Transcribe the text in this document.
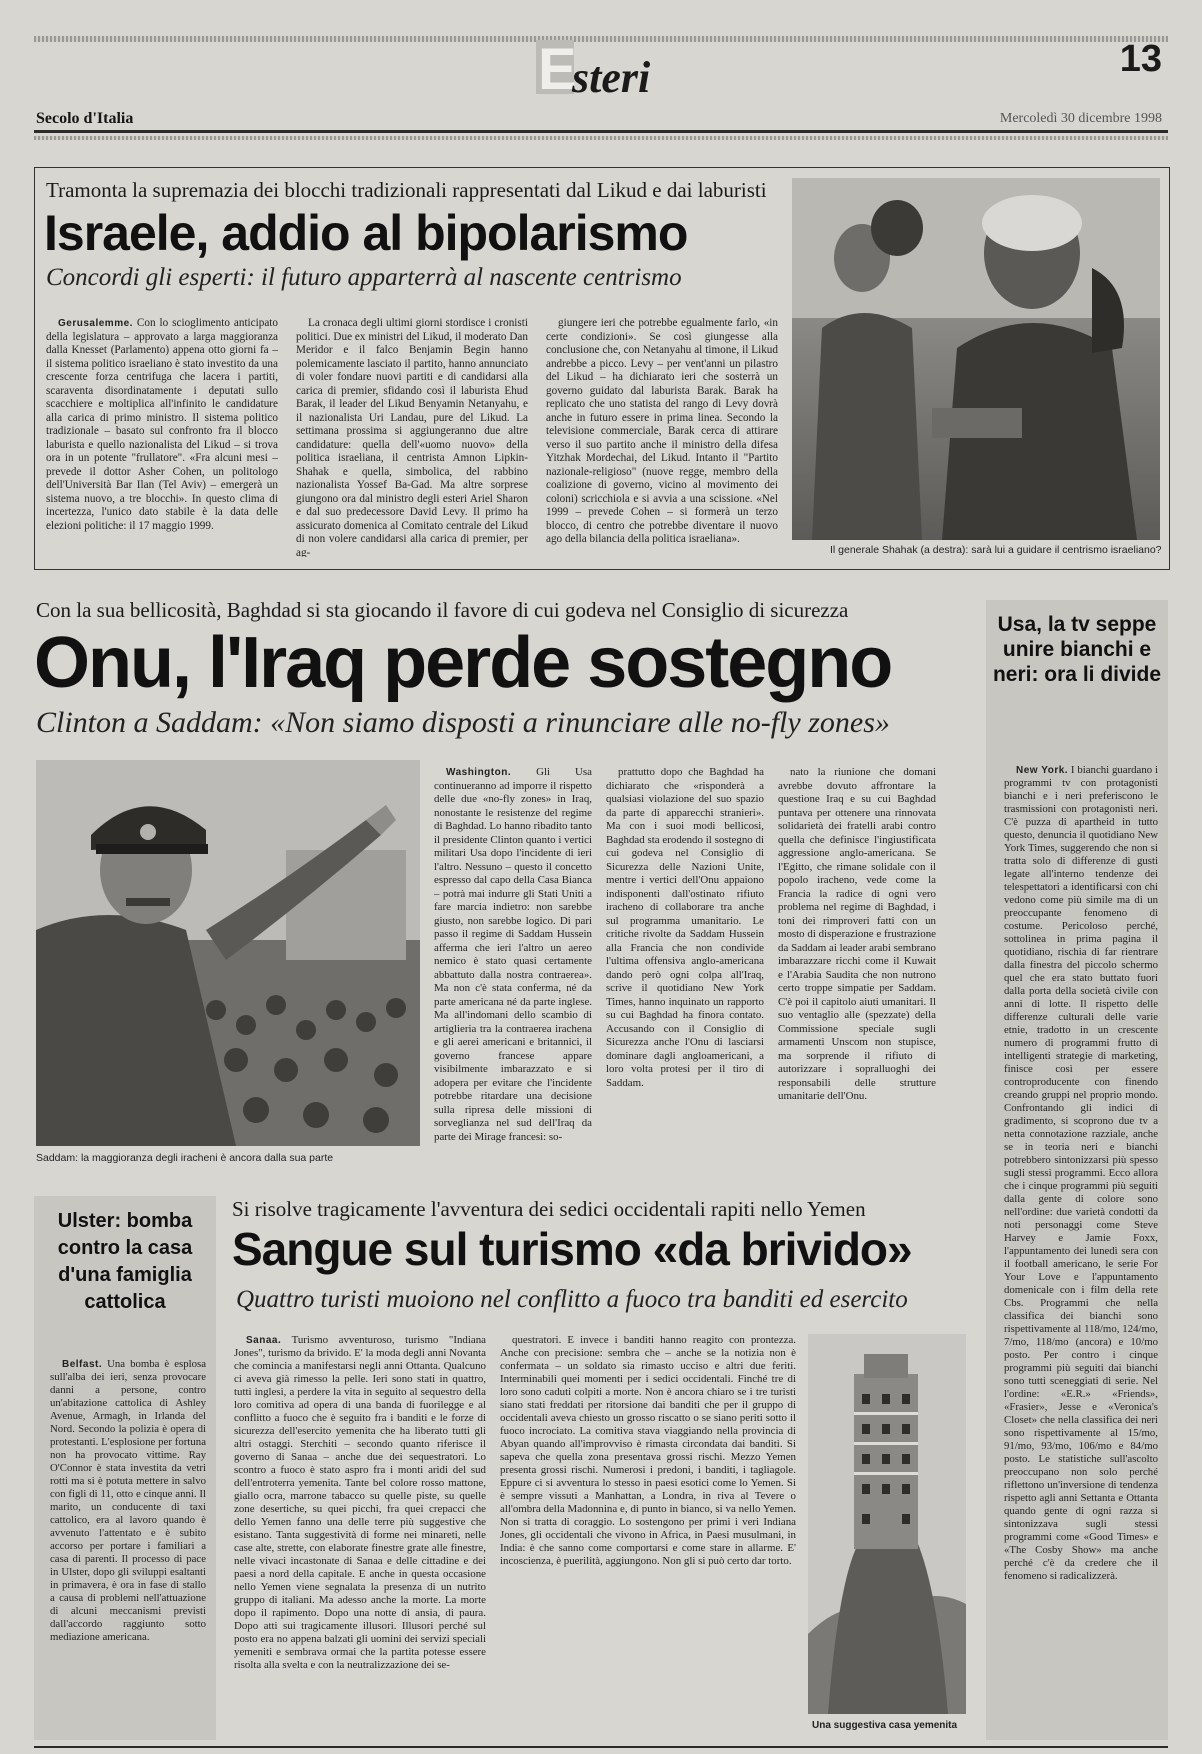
E
steri	13
Secolo d'Italia	Mercoledì 30 dicembre 1998
Tramonta la supremazia dei blocchi tradizionali rappresentati dal Likud e dai laburisti
Israele, addio al bipolarismo
Concordi gli esperti: il futuro apparterrà al nascente centrismo

Gerusalemme. Con lo scioglimento anticipato della legislatura – approvato a larga maggioranza dalla Knesset (Parlamento) appena otto giorni fa – il sistema politico israeliano è stato investito da una crescente forza centrifuga che lacera i partiti, scaraventa disordinatamente i deputati sullo scacchiere e moltiplica all'infinito le candidature alla carica di primo ministro. Il sistema politico tradizionale – basato sul confronto fra il blocco laburista e quello nazionalista del Likud – si trova ora in un potente "frullatore". «Fra alcuni mesi – prevede il dottor Asher Cohen, un politologo dell'Università Bar Ilan (Tel Aviv) – emergerà un sistema nuovo, a tre blocchi». In questo clima di incertezza, l'unico dato stabile è la data delle elezioni politiche: il 17 maggio 1999.

La cronaca degli ultimi giorni stordisce i cronisti politici. Due ex ministri del Likud, il moderato Dan Meridor e il falco Benjamin Begin hanno polemicamente lasciato il partito, hanno annunciato di voler fondare nuovi partiti e di candidarsi alla carica di premier, sfidando così il laburista Ehud Barak, il leader del Likud Benyamin Netanyahu, e il nazionalista Uri Landau, pure del Likud. La settimana prossima si aggiungeranno due altre candidature: quella dell'«uomo nuovo» della politica israeliana, il centrista Amnon Lipkin-Shahak e quella, simbolica, del rabbino nazionalista Yossef Ba-Gad. Ma altre sorprese giungono ora dal ministro degli esteri Ariel Sharon e dal suo predecessore David Levy. Il primo ha assicurato domenica al Comitato centrale del Likud di non volere candidarsi alla carica di premier, per ag-

giungere ieri che potrebbe egualmente farlo, «in certe condizioni». Se così giungesse alla conclusione che, con Netanyahu al timone, il Likud andrebbe a picco. Levy – per vent'anni un pilastro del Likud – ha dichiarato ieri che sosterrà un governo guidato dal laburista Barak. Barak ha replicato che uno statista del rango di Levy dovrà anche in futuro essere in prima linea. Secondo la televisione commerciale, Barak cerca di attirare verso il suo partito anche il ministro della difesa Yitzhak Mordechai, del Likud. Intanto il "Partito nazionale-religioso" (nuove regge, membro della coalizione di governo, vicino al movimento dei coloni) scricchiola e si avvia a una scissione. «Nel 1999 – prevede Cohen – si formerà un terzo blocco, di centro che potrebbe diventare il nuovo ago della bilancia della politica israeliana».

Il generale Shahak (a destra): sarà lui a guidare il centrismo israeliano?
Con la sua bellicosità, Baghdad si sta giocando il favore di cui godeva nel Consiglio di sicurezza
Onu, l'Iraq perde sostegno
Clinton a Saddam: «Non siamo disposti a rinunciare alle no-fly zones»
Saddam: la maggioranza degli iracheni è ancora dalla sua parte

Washington. Gli Usa continueranno ad imporre il rispetto delle due «no-fly zones» in Iraq, nonostante le resistenze del regime di Baghdad. Lo hanno ribadito tanto il presidente Clinton quanto i vertici militari Usa dopo l'incidente di ieri l'altro. Nessuno – questo il concetto espresso dal capo della Casa Bianca – potrà mai indurre gli Stati Uniti a fare marcia indietro: non sarebbe giusto, non sarebbe logico. Di pari passo il regime di Saddam Hussein afferma che ieri l'altro un aereo nemico è stato quasi certamente abbattuto dalla nostra contraerea». Ma non c'è stata conferma, né da parte americana né da parte inglese. Ma all'indomani dello scambio di artiglieria tra la contraerea irachena e gli aerei americani e britannici, il governo francese appare visibilmente imbarazzato e si adopera per evitare che l'incidente potrebbe ritardare una decisione sulla ripresa delle missioni di sorveglianza nel sud dell'Iraq da parte dei Mirage francesi: so-

prattutto dopo che Baghdad ha dichiarato che «risponderà a qualsiasi violazione del suo spazio da parte di apparecchi stranieri». Ma con i suoi modi bellicosi, Baghdad sta erodendo il sostegno di cui godeva nel Consiglio di Sicurezza delle Nazioni Unite, mentre i vertici dell'Onu appaiono indisponenti dall'ostinato rifiuto iracheno di collaborare tra anche sul programma umanitario. Le critiche rivolte da Saddam Hussein alla Francia che non condivide l'ultima offensiva anglo-americana dando però ogni colpa all'Iraq, scrive il quotidiano New York Times, hanno inquinato un rapporto su cui Baghdad ha finora contato. Accusando con il Consiglio di Sicurezza anche l'Onu di lasciarsi dominare dagli angloamericani, a loro volta protesi per il tiro di Saddam.

nato la riunione che domani avrebbe dovuto affrontare la questione Iraq e su cui Baghdad puntava per ottenere una rinnovata solidarietà dei fratelli arabi contro quella che definisce l'ingiustificata aggressione anglo-americana. Se l'Egitto, che rimane solidale con il popolo iracheno, vede come la Francia la radice di ogni vero problema nel regime di Baghdad, i toni dei rimproveri fatti con un mosto di disperazione e frustrazione da Saddam ai leader arabi sembrano imbarazzare ricchi come il Kuwait e l'Arabia Saudita che non nutrono certo troppe simpatie per Saddam. C'è poi il capitolo aiuti umanitari. Il suo ventaglio alle (spezzate) della Commissione speciale sugli armamenti Unscom non stupisce, ma sorprende il rifiuto di autorizzare i sopralluoghi dei responsabili delle strutture umanitarie dell'Onu.

Usa, la tv seppe unire bianchi e neri: ora li divide

New York. I bianchi guardano i programmi tv con protagonisti bianchi e i neri preferiscono le trasmissioni con protagonisti neri. C'è puzza di apartheid in tutto questo, denuncia il quotidiano New York Times, suggerendo che non si tratta solo di differenze di gusti legate all'interno tendenze dei telespettatori a identificarsi con chi vedono come più simile ma di un preoccupante fenomeno di costume. Pericoloso perché, sottolinea in prima pagina il quotidiano, rischia di far rientrare dalla finestra del piccolo schermo quel che era stato buttato fuori dalla porta della società civile con anni di lotte. Il rispetto delle differenze culturali delle varie etnie, tradotto in un crescente numero di programmi frutto di intelligenti strategie di marketing, finisce così per essere controproducente con finendo creando gruppi nel proprio mondo. Confrontando gli indici di gradimento, si scoprono due tv a netta connotazione razziale, anche se in teoria neri e bianchi potrebbero sintonizzarsi più spesso sugli stessi programmi. Ecco allora che i cinque programmi più seguiti dalla gente di colore sono nell'ordine: due varietà condotti da noti personaggi come Steve Harvey e Jamie Foxx, l'appuntamento dei lunedì sera con il football americano, le serie For Your Love e l'appuntamento domenicale con i film della rete Cbs. Programmi che nella classifica dei bianchi sono rispettivamente al 118/mo, 124/mo, 7/mo, 118/mo (ancora) e 10/mo posto. Per contro i cinque programmi più seguiti dai bianchi sono tutti sceneggiati di serie. Nel l'ordine: «E.R.» «Friends», «Frasier», Jesse e «Veronica's Closet» che nella classifica dei neri sono rispettivamente al 15/mo, 91/mo, 93/mo, 106/mo e 84/mo posto. Le statistiche sull'ascolto preoccupano non solo perché riflettono un'inversione di tendenza rispetto agli anni Settanta e Ottanta quando gente di ogni razza si sintonizzava sugli stessi programmi come «Good Times» e «The Cosby Show» ma anche perché c'è da credere che il fenomeno si radicalizzerà.

Ulster: bomba contro la casa d'una famiglia cattolica

Belfast. Una bomba è esplosa sull'alba dei ieri, senza provocare danni a persone, contro un'abitazione cattolica di Ashley Avenue, Armagh, in Irlanda del Nord. Secondo la polizia è opera di protestanti. L'esplosione per fortuna non ha provocato vittime. Ray O'Connor è stata investita da vetri rotti ma si è potuta mettere in salvo con figli di 11, otto e cinque anni. Il marito, un conducente di taxi cattolico, era al lavoro quando è avvenuto l'attentato e è subito accorso per portare i familiari a casa di parenti. Il processo di pace in Ulster, dopo gli sviluppi esaltanti in primavera, è ora in fase di stallo a causa di problemi nell'attuazione di alcuni meccanismi previsti dall'accordo raggiunto sotto mediazione americana.

Si risolve tragicamente l'avventura dei sedici occidentali rapiti nello Yemen
Sangue sul turismo «da brivido»
Quattro turisti muoiono nel conflitto a fuoco tra banditi ed esercito

Sanaa. Turismo avventuroso, turismo "Indiana Jones", turismo da brivido. E' la moda degli anni Novanta che comincia a manifestarsi negli anni Ottanta. Qualcuno ci aveva già rimesso la pelle. Ieri sono stati in quattro, tutti inglesi, a perdere la vita in seguito al sequestro della loro comitiva ad opera di una banda di fuorilegge e al conflitto a fuoco che è seguito fra i banditi e le forze di sicurezza dell'esercito yemenita che ha liberato tutti gli altri ostaggi. Sterchiti – secondo quanto riferisce il governo di Sanaa – anche due dei sequestratori. Lo scontro a fuoco è stato aspro fra i monti aridi del sud dell'entroterra yemenita. Tante bel colore rosso mattone, giallo ocra, marrone tabacco su quelle piste, su quelle zone desertiche, su quei picchi, fra quei crepacci che dello Yemen fanno una delle terre più suggestive che esistano. Tanta suggestività di forme nei minareti, nelle case alte, strette, con elaborate finestre grate alle finestre, nelle vivaci incastonate di Sanaa e delle cittadine e dei paesi a nord della capitale. E anche in questa occasione nello Yemen viene segnalata la presenza di un nutrito gruppo di italiani. Ma adesso anche la morte. La morte dopo il rapimento. Dopo una notte di ansia, di paura. Dopo atti sui tragicamente illusori. Illusori perché sul posto era no appena balzati gli uomini dei servizi speciali yemeniti e sembrava ormai che la partita potesse essere risolta alla svelta e con la neutralizzazione dei se-

questratori. E invece i banditi hanno reagito con prontezza. Anche con precisione: sembra che – anche se la notizia non è confermata – un soldato sia rimasto ucciso e altri due feriti. Interminabili quei momenti per i sedici occidentali. Finché tre di loro sono caduti colpiti a morte. Non è ancora chiaro se i tre turisti siano stati freddati per ritorsione dai banditi che per il gruppo di occidentali aveva chiesto un grosso riscatto o se siano periti sotto il fuoco incrociato. La comitiva stava viaggiando nella provincia di Abyan quando all'improvviso è rimasta circondata dai banditi. Si sapeva che quella zona presentava grossi rischi. Mezzo Yemen presenta grossi rischi. Numerosi i predoni, i banditi, i tagliagole. Eppure ci si avventura lo stesso in paesi esotici come lo Yemen. Si è sempre vissuti a Manhattan, a Londra, in riva al Tevere o all'ombra della Madonnina e, di punto in bianco, si va nello Yemen. Non si tratta di coraggio. Lo sostengono per primi i veri Indiana Jones, gli occidentali che vivono in Africa, in Paesi musulmani, in India: è che sanno come comportarsi e come stare in allarme. E' incoscienza, è puerilità, aggiungono. Non gli si può certo dar torto.

Una suggestiva casa yemenita
